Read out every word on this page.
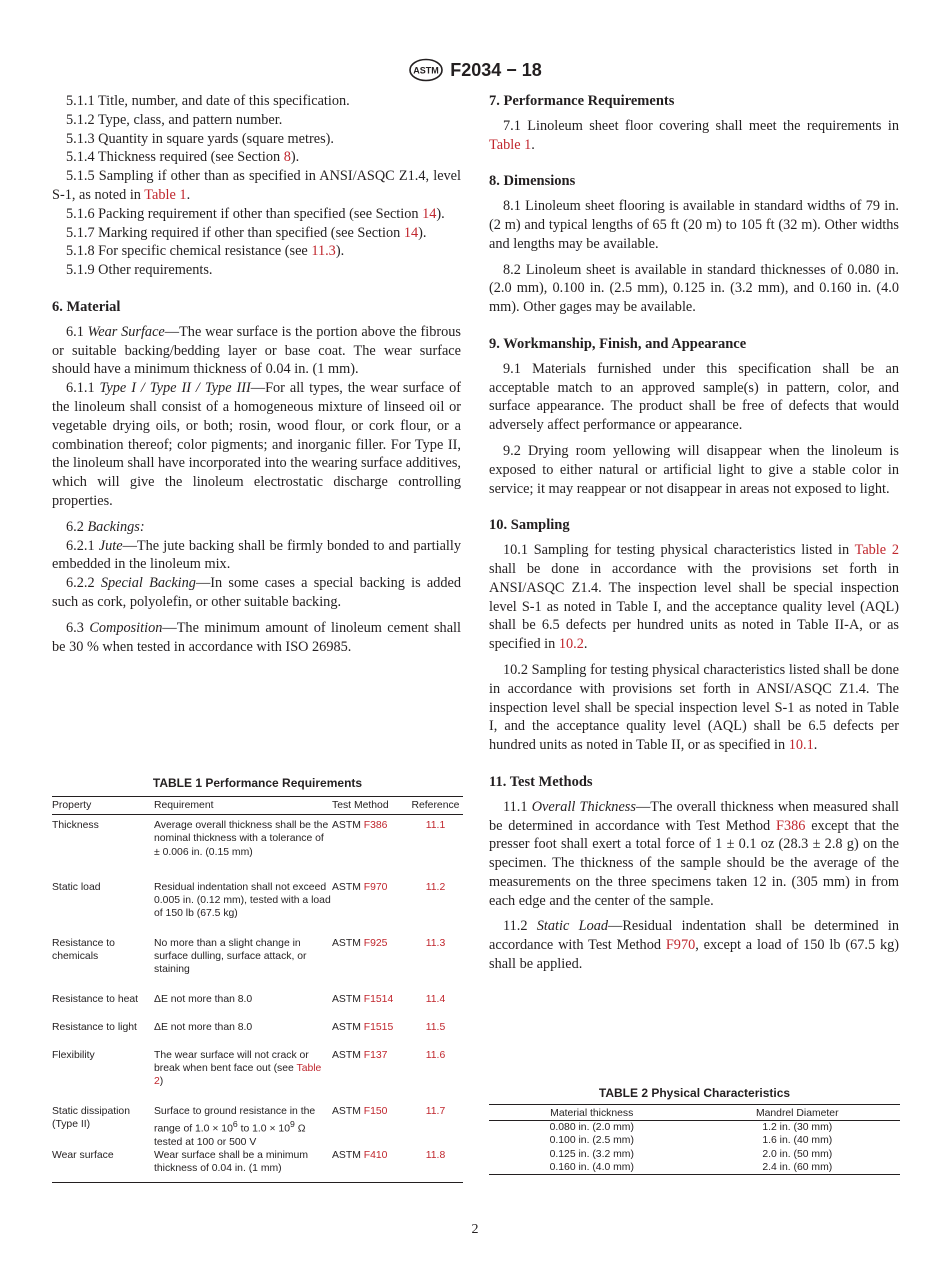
ASTM F2034 − 18

5.1.1 Title, number, and date of this specification.

5.1.2 Type, class, and pattern number.

5.1.3 Quantity in square yards (square metres).

5.1.4 Thickness required (see Section 8).

5.1.5 Sampling if other than as specified in ANSI/ASQC Z1.4, level S-1, as noted in Table 1.

5.1.6 Packing requirement if other than specified (see Section 14).

5.1.7 Marking required if other than specified (see Section 14).

5.1.8 For specific chemical resistance (see 11.3).

5.1.9 Other requirements.

6. Material

6.1 Wear Surface—The wear surface is the portion above the fibrous or suitable backing/bedding layer or base coat. The wear surface should have a minimum thickness of 0.04 in. (1 mm).

6.1.1 Type I / Type II / Type III—For all types, the wear surface of the linoleum shall consist of a homogeneous mixture of linseed oil or vegetable drying oils, or both; rosin, wood flour, or cork flour, or a combination thereof; color pigments; and inorganic filler. For Type II, the linoleum shall have incorporated into the wearing surface additives, which will give the linoleum electrostatic discharge controlling properties.

6.2 Backings:

6.2.1 Jute—The jute backing shall be firmly bonded to and partially embedded in the linoleum mix.

6.2.2 Special Backing—In some cases a special backing is added such as cork, polyolefin, or other suitable backing.

6.3 Composition—The minimum amount of linoleum cement shall be 30 % when tested in accordance with ISO 26985.

7. Performance Requirements

7.1 Linoleum sheet floor covering shall meet the requirements in Table 1.

8. Dimensions

8.1 Linoleum sheet flooring is available in standard widths of 79 in. (2 m) and typical lengths of 65 ft (20 m) to 105 ft (32 m). Other widths and lengths may be available.

8.2 Linoleum sheet is available in standard thicknesses of 0.080 in. (2.0 mm), 0.100 in. (2.5 mm), 0.125 in. (3.2 mm), and 0.160 in. (4.0 mm). Other gages may be available.

9. Workmanship, Finish, and Appearance

9.1 Materials furnished under this specification shall be an acceptable match to an approved sample(s) in pattern, color, and surface appearance. The product shall be free of defects that would adversely affect performance or appearance.

9.2 Drying room yellowing will disappear when the linoleum is exposed to either natural or artificial light to give a stable color in service; it may reappear or not disappear in areas not exposed to light.

10. Sampling

10.1 Sampling for testing physical characteristics listed in Table 2 shall be done in accordance with the provisions set forth in ANSI/ASQC Z1.4. The inspection level shall be special inspection level S-1 as noted in Table I, and the acceptance quality level (AQL) shall be 6.5 defects per hundred units as noted in Table II-A, or as specified in 10.2.

10.2 Sampling for testing physical characteristics listed shall be done in accordance with provisions set forth in ANSI/ASQC Z1.4. The inspection level shall be special inspection level S-1 as noted in Table I, and the acceptance quality level (AQL) shall be 6.5 defects per hundred units as noted in Table II, or as specified in 10.1.

11. Test Methods

11.1 Overall Thickness—The overall thickness when measured shall be determined in accordance with Test Method F386 except that the presser foot shall exert a total force of 1 ± 0.1 oz (28.3 ± 2.8 g) on the specimen. The thickness of the sample should be the average of the measurements on the three specimens taken 12 in. (305 mm) in from each edge and the center of the sample.

11.2 Static Load—Residual indentation shall be determined in accordance with Test Method F970, except a load of 150 lb (67.5 kg) shall be applied.

TABLE 1 Performance Requirements
Property	Requirement	Test Method	Reference
Thickness	Average overall thickness shall be the nominal thickness with a tolerance of ± 0.006 in. (0.15 mm)	ASTM F386	11.1
Static load	Residual indentation shall not exceed 0.005 in. (0.12 mm), tested with a load of 150 lb (67.5 kg)	ASTM F970	11.2
Resistance to chemicals	No more than a slight change in surface dulling, surface attack, or staining	ASTM F925	11.3
Resistance to heat	ΔE not more than 8.0	ASTM F1514	11.4
Resistance to light	ΔE not more than 8.0	ASTM F1515	11.5
Flexibility	The wear surface will not crack or break when bent face out (see Table 2)	ASTM F137	11.6
Static dissipation (Type II)	Surface to ground resistance in the range of $1.0 \times 10^6$ to $1.0 \times 10^9$ Ω tested at 100 or 500 V	ASTM F150	11.7
Wear surface	Wear surface shall be a minimum thickness of 0.04 in. (1 mm)	ASTM F410	11.8
TABLE 2 Physical Characteristics
Material thickness	Mandrel Diameter
0.080 in. (2.0 mm)	1.2 in. (30 mm)
0.100 in. (2.5 mm)	1.6 in. (40 mm)
0.125 in. (3.2 mm)	2.0 in. (50 mm)
0.160 in. (4.0 mm)	2.4 in. (60 mm)
2
